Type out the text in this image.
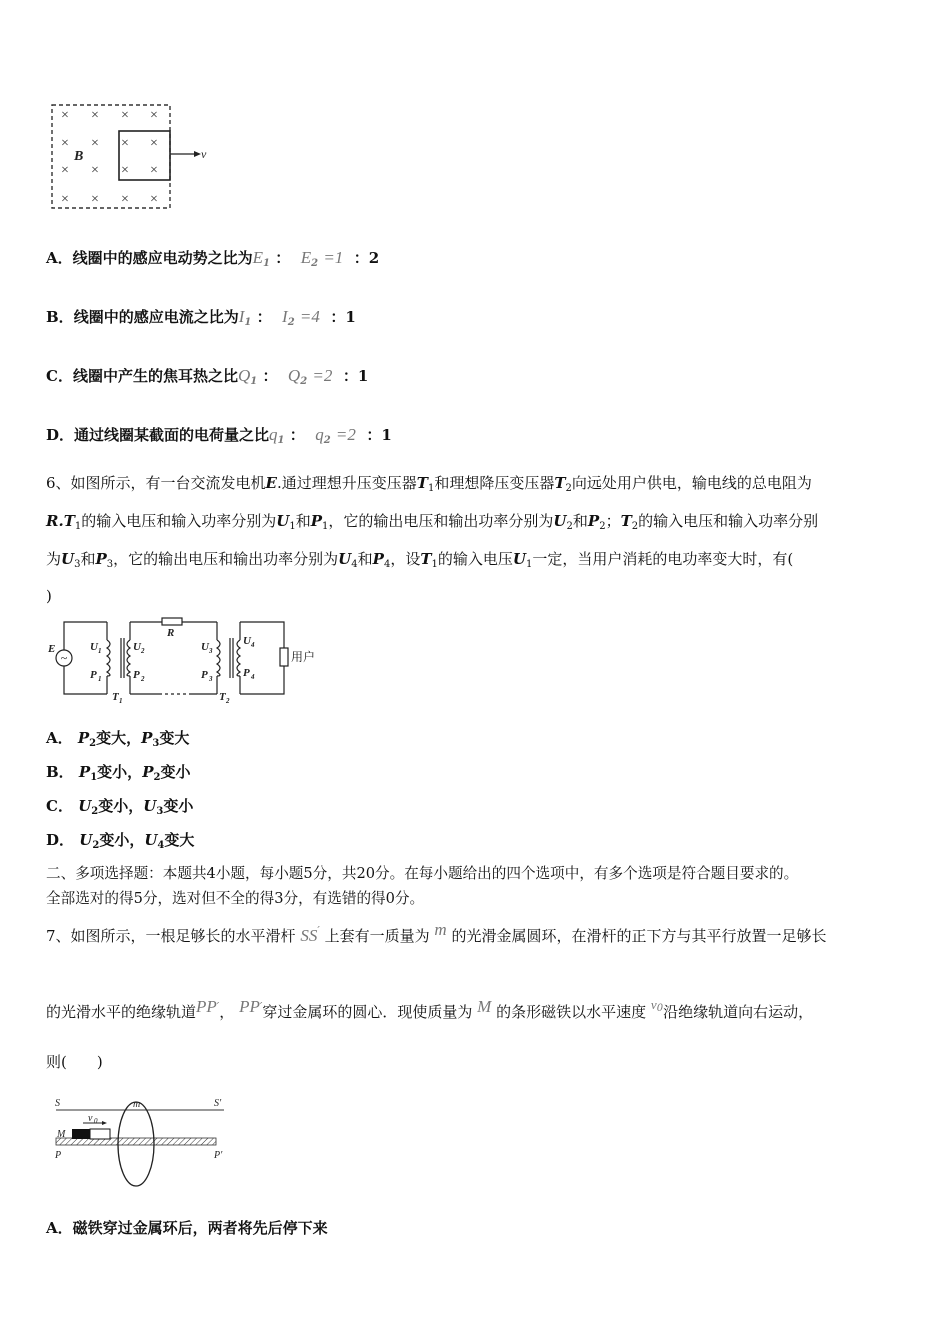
× × × ×
× × × ×
× × ×
×
× × × ×
B	v
A．线圈中的感应电动势之比为$E_1$ ： $E_2 =1$ ：2
B．线圈中的感应电流之比为$I_1$ ： $I_2 =4$ ：1
C．线圈中产生的焦耳热之比$Q_1$ ： $Q_2 =2$ ：1
D．通过线圈某截面的电荷量之比$q_1$ ： $q_2 =2$ ：1
6、如图所示，有一台交流发电机E.通过理想升压变压器$T_1$和理想降压变压器$T_2$向远处用户供电，输电线的总电阻为
$R.T_1$的输入电压和输入功率分别为$U_1$和$P_1$，它的输出电压和输出功率分别为$U_2$和$P_2$；$T_2$的输入电压和输入功率分别
为$U_3$和$P_3$，它的输出电压和输出功率分别为$U_4$和$P_4$，设$T_1$的输入电压$U_1$一定，当用户消耗的电功率变大时，有(
)
~
E
R
U 1
P 1
U 2
P 2
U 3
P 3
U 4
P 4
T 1	T 2
用户
A． $P_2$变大，$P_3$变大
B． $P_1$变小，$P_2$变小
C． $U_2$变小，$U_3$变小
D． $U_2$变小，$U_4$变大
二、多项选择题：本题共4小题，每小题5分，共20分。在每小题给出的四个选项中，有多个选项是符合题目要求的。
全部选对的得5分，选对但不全的得3分，有选错的得0分。
7、如图所示，一根足够长的水平滑杆 SS′ 上套有一质量为 m 的光滑金属圆环，在滑杆的正下方与其平行放置一足够长
的光滑水平的绝缘轨道PP′， PP′穿过金属环的圆心．现使质量为 M 的条形磁铁以水平速度 $v^0$沿绝缘轨道向右运动，
则(　　)
S	S′
m
M
v 0
P	P′
A．磁铁穿过金属环后，两者将先后停下来
